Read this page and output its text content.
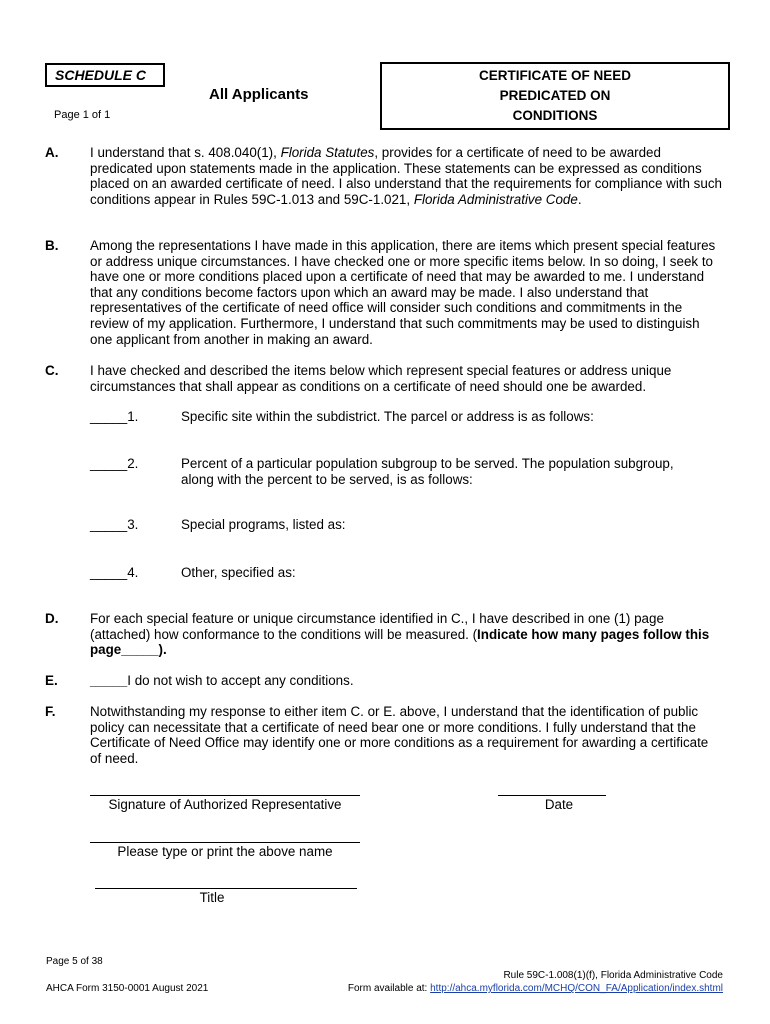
SCHEDULE C
All Applicants
Page 1 of 1
CERTIFICATE OF NEED
PREDICATED ON
CONDITIONS
A. I understand that s. 408.040(1), Florida Statutes, provides for a certificate of need to be awarded predicated upon statements made in the application. These statements can be expressed as conditions placed on an awarded certificate of need. I also understand that the requirements for compliance with such conditions appear in Rules 59C-1.013 and 59C-1.021, Florida Administrative Code.
B. Among the representations I have made in this application, there are items which present special features or address unique circumstances. I have checked one or more specific items below. In so doing, I seek to have one or more conditions placed upon a certificate of need that may be awarded to me. I understand that any conditions become factors upon which an award may be made. I also understand that representatives of the certificate of need office will consider such conditions and commitments in the review of my application. Furthermore, I understand that such commitments may be used to distinguish one applicant from another in making an award.
C. I have checked and described the items below which represent special features or address unique circumstances that shall appear as conditions on a certificate of need should one be awarded.
_____1.	Specific site within the subdistrict. The parcel or address is as follows:
_____2.	Percent of a particular population subgroup to be served. The population subgroup, along with the percent to be served, is as follows:
_____3.	Special programs, listed as:
_____4.	Other, specified as:
D. For each special feature or unique circumstance identified in C., I have described in one (1) page (attached) how conformance to the conditions will be measured. (Indicate how many pages follow this page_____).
E. _____I do not wish to accept any conditions.
F.	Notwithstanding my response to either item C. or E. above, I understand that the identification of public policy can necessitate that a certificate of need bear one or more conditions. I fully understand that the Certificate of Need Office may identify one or more conditions as a requirement for awarding a certificate of need.
Signature of Authorized Representative	Date
Please type or print the above name
Title
Page 5 of 38
AHCA Form 3150-0001 August 2021
Rule 59C-1.008(1)(f), Florida Administrative Code
Form available at: http://ahca.myflorida.com/MCHQ/CON_FA/Application/index.shtml
